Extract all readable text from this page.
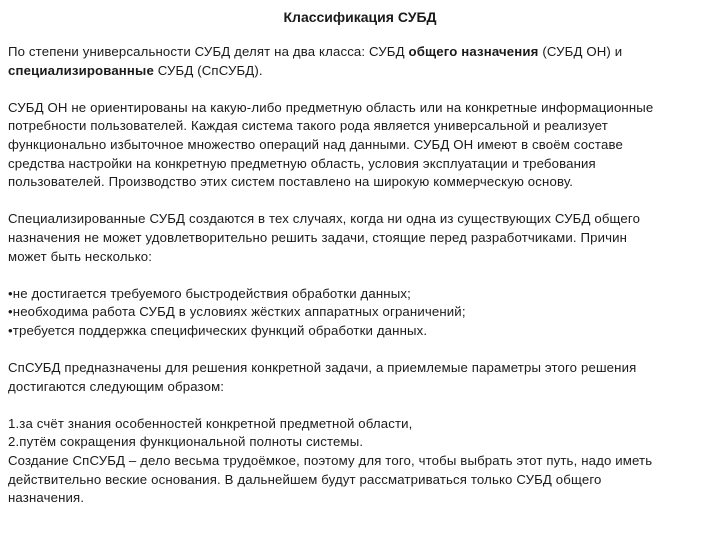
Классификация СУБД
По степени универсальности СУБД делят на два класса: СУБД общего назначения (СУБД ОН) и
специализированные СУБД (СпСУБД).
СУБД ОН не ориентированы на какую-либо предметную область или на конкретные информационные
потребности пользователей. Каждая система такого рода является универсальной и реализует
функционально избыточное множество операций над данными. СУБД ОН имеют в своём составе
средства настройки на конкретную предметную область, условия эксплуатации и требования
пользователей. Производство этих систем поставлено на широкую коммерческую основу.
Специализированные СУБД создаются в тех случаях, когда ни одна из существующих СУБД общего
назначения не может удовлетворительно решить задачи, стоящие перед разработчиками. Причин
может быть несколько:
•не достигается требуемого быстродействия обработки данных;
•необходима работа СУБД в условиях жёстких аппаратных ограничений;
•требуется поддержка специфических функций обработки данных.
СпСУБД предназначены для решения конкретной задачи, а приемлемые параметры этого решения
достигаются следующим образом:
1.за счёт знания особенностей конкретной предметной области,
2.путём сокращения функциональной полноты системы.
Создание СпСУБД – дело весьма трудоёмкое, поэтому для того, чтобы выбрать этот путь, надо иметь
действительно веские основания. В дальнейшем будут рассматриваться только СУБД общего
назначения.
